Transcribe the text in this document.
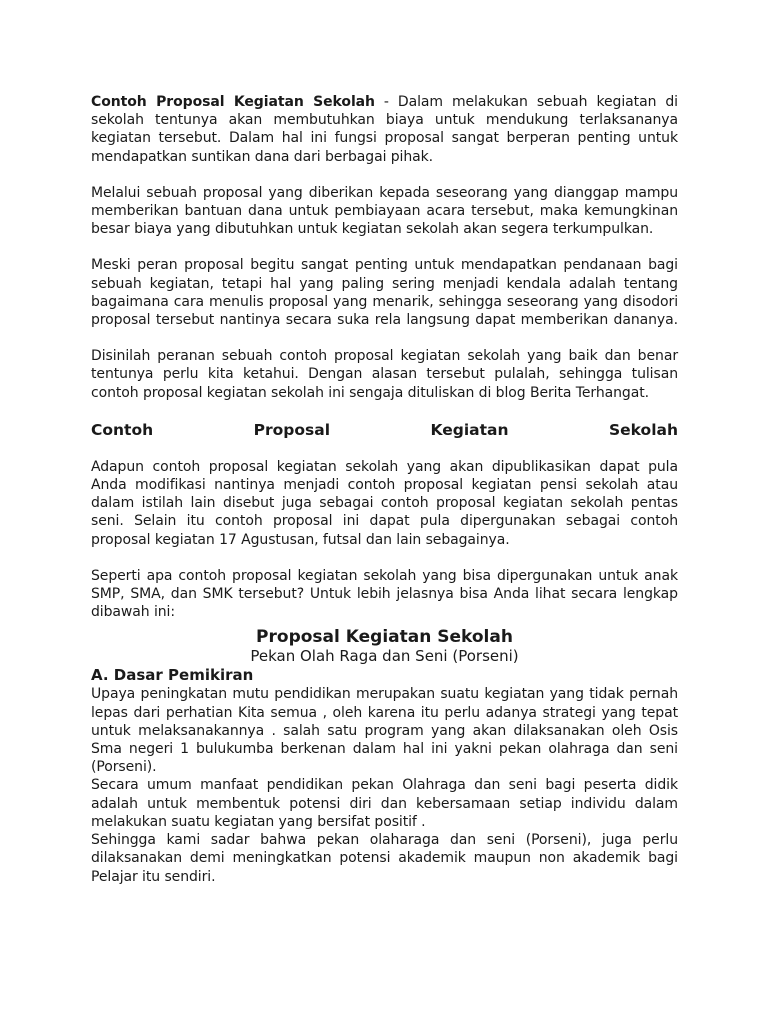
Contoh Proposal Kegiatan Sekolah - Dalam melakukan sebuah kegiatan di sekolah tentunya akan membutuhkan biaya untuk mendukung terlaksananya kegiatan tersebut. Dalam hal ini fungsi proposal sangat berperan penting untuk mendapatkan suntikan dana dari berbagai pihak.

Melalui sebuah proposal yang diberikan kepada seseorang yang dianggap mampu memberikan bantuan dana untuk pembiayaan acara tersebut, maka kemungkinan besar biaya yang dibutuhkan untuk kegiatan sekolah akan segera terkumpulkan.

Meski peran proposal begitu sangat penting untuk mendapatkan pendanaan bagi sebuah kegiatan, tetapi hal yang paling sering menjadi kendala adalah tentang bagaimana cara menulis proposal yang menarik, sehingga seseorang yang disodori proposal tersebut nantinya secara suka rela langsung dapat memberikan dananya.

Disinilah peranan sebuah contoh proposal kegiatan sekolah yang baik dan benar tentunya perlu kita ketahui. Dengan alasan tersebut pulalah, sehingga tulisan contoh proposal kegiatan sekolah ini sengaja dituliskan di blog Berita Terhangat.

Contoh Proposal Kegiatan Sekolah

Adapun contoh proposal kegiatan sekolah yang akan dipublikasikan dapat pula Anda modifikasi nantinya menjadi contoh proposal kegiatan pensi sekolah atau dalam istilah lain disebut juga sebagai contoh proposal kegiatan sekolah pentas seni. Selain itu contoh proposal ini dapat pula dipergunakan sebagai contoh proposal kegiatan 17 Agustusan, futsal dan lain sebagainya.

Seperti apa contoh proposal kegiatan sekolah yang bisa dipergunakan untuk anak SMP, SMA, dan SMK tersebut? Untuk lebih jelasnya bisa Anda lihat secara lengkap dibawah ini:

Proposal Kegiatan Sekolah
Pekan Olah Raga dan Seni (Porseni)
A. Dasar Pemikiran

Upaya peningkatan mutu pendidikan merupakan suatu kegiatan yang tidak pernah lepas dari perhatian Kita semua , oleh karena itu perlu adanya strategi yang tepat untuk melaksanakannya . salah satu program yang akan dilaksanakan oleh Osis Sma negeri 1 bulukumba berkenan dalam hal ini yakni pekan olahraga dan seni (Porseni).

Secara umum manfaat pendidikan pekan Olahraga dan seni bagi peserta didik adalah untuk membentuk potensi diri dan kebersamaan setiap individu dalam melakukan suatu kegiatan yang bersifat positif .

Sehingga kami sadar bahwa pekan olaharaga dan seni (Porseni), juga perlu dilaksanakan demi meningkatkan potensi akademik maupun non akademik bagi Pelajar itu sendiri.
